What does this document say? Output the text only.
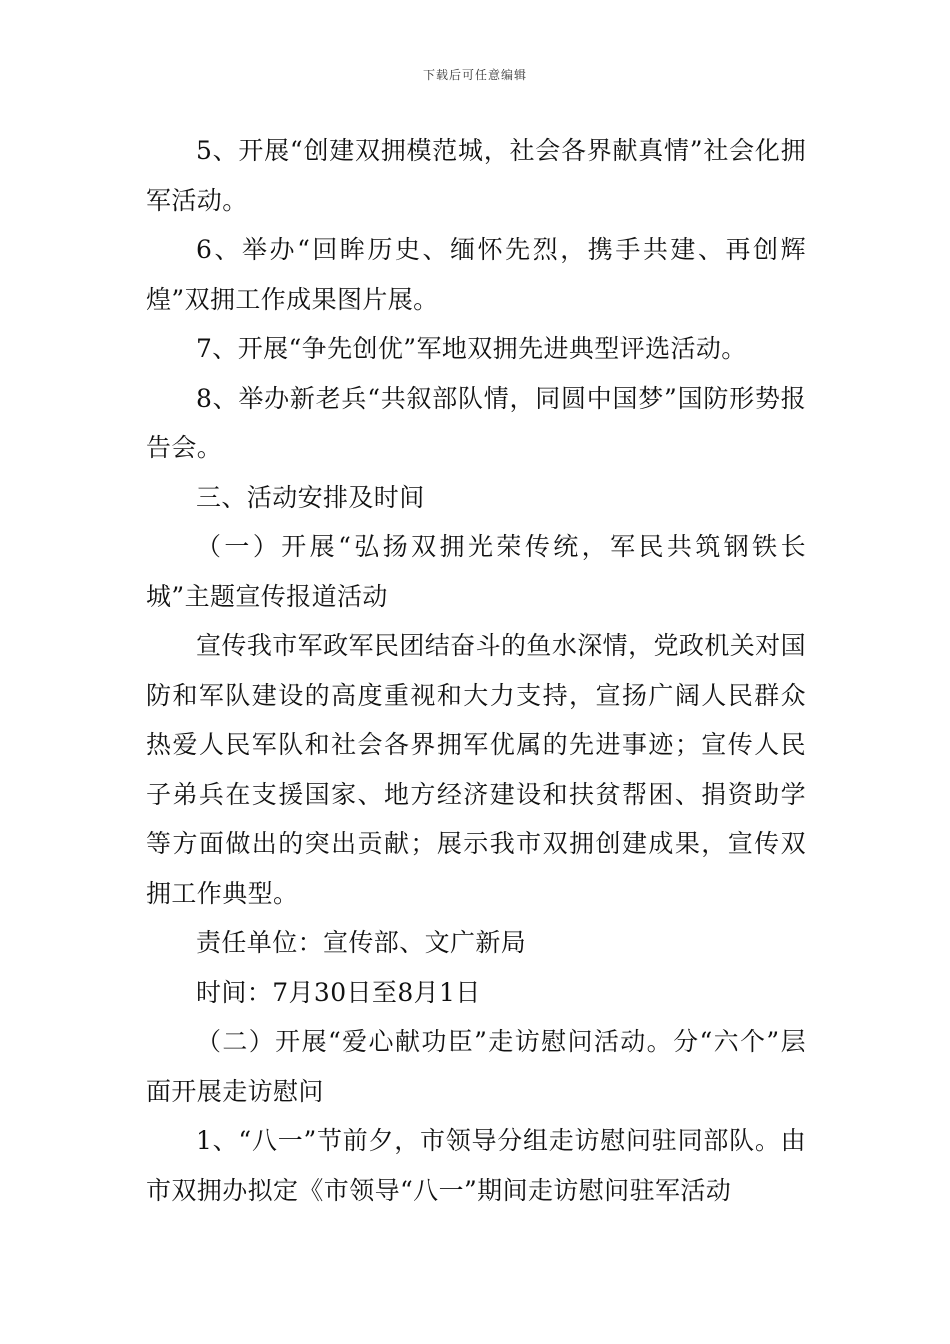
下载后可任意编辑

5、开展“创建双拥模范城，社会各界献真情”社会化拥军活动。

6、举办“回眸历史、缅怀先烈，携手共建、再创辉煌”双拥工作成果图片展。

7、开展“争先创优”军地双拥先进典型评选活动。

8、举办新老兵“共叙部队情，同圆中国梦”国防形势报告会。

三、活动安排及时间

（一）开展“弘扬双拥光荣传统，军民共筑钢铁长城”主题宣传报道活动

宣传我市军政军民团结奋斗的鱼水深情，党政机关对国防和军队建设的高度重视和大力支持，宣扬广阔人民群众热爱人民军队和社会各界拥军优属的先进事迹；宣传人民子弟兵在支援国家、地方经济建设和扶贫帮困、捐资助学等方面做出的突出贡献；展示我市双拥创建成果，宣传双拥工作典型。

责任单位：宣传部、文广新局

时间：7月30日至8月1日

（二）开展“爱心献功臣”走访慰问活动。分“六个”层面开展走访慰问

1、“八一”节前夕，市领导分组走访慰问驻同部队。由市双拥办拟定《市领导“八一”期间走访慰问驻军活动
